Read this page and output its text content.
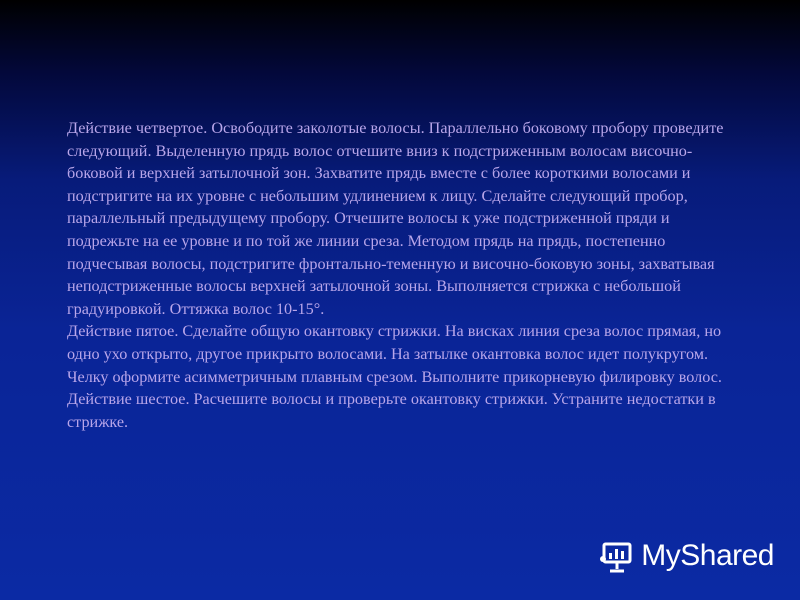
Действие четвертое. Освободите заколотые волосы. Параллельно боковому пробору проведите следующий. Выделенную прядь волос отчешите вниз к подстриженным волосам височно-боковой и верхней затылочной зон. Захватите прядь вместе с более короткими волосами и подстригите на их уровне с небольшим удлинением к лицу. Сделайте следующий пробор, параллельный предыдущему пробору. Отчешите волосы к уже подстриженной пряди и подрежьте на ее уровне и по той же линии среза. Методом прядь на прядь, постепенно подчесывая волосы, подстригите фронтально-теменную и височно-боковую зоны, захватывая неподстриженные волосы верхней затылочной зоны. Выполняется стрижка с небольшой градуировкой. Оттяжка волос 10-15°.

Действие пятое. Сделайте общую окантовку стрижки. На висках линия среза волос прямая, но одно ухо открыто, другое прикрыто волосами. На затылке окантовка волос идет полукругом. Челку оформите асимметричным плавным срезом. Выполните прикорневую филировку волос.

Действие шестое. Расчешите волосы и проверьте окантовку стрижки. Устраните недостатки в стрижке.

MyShared
